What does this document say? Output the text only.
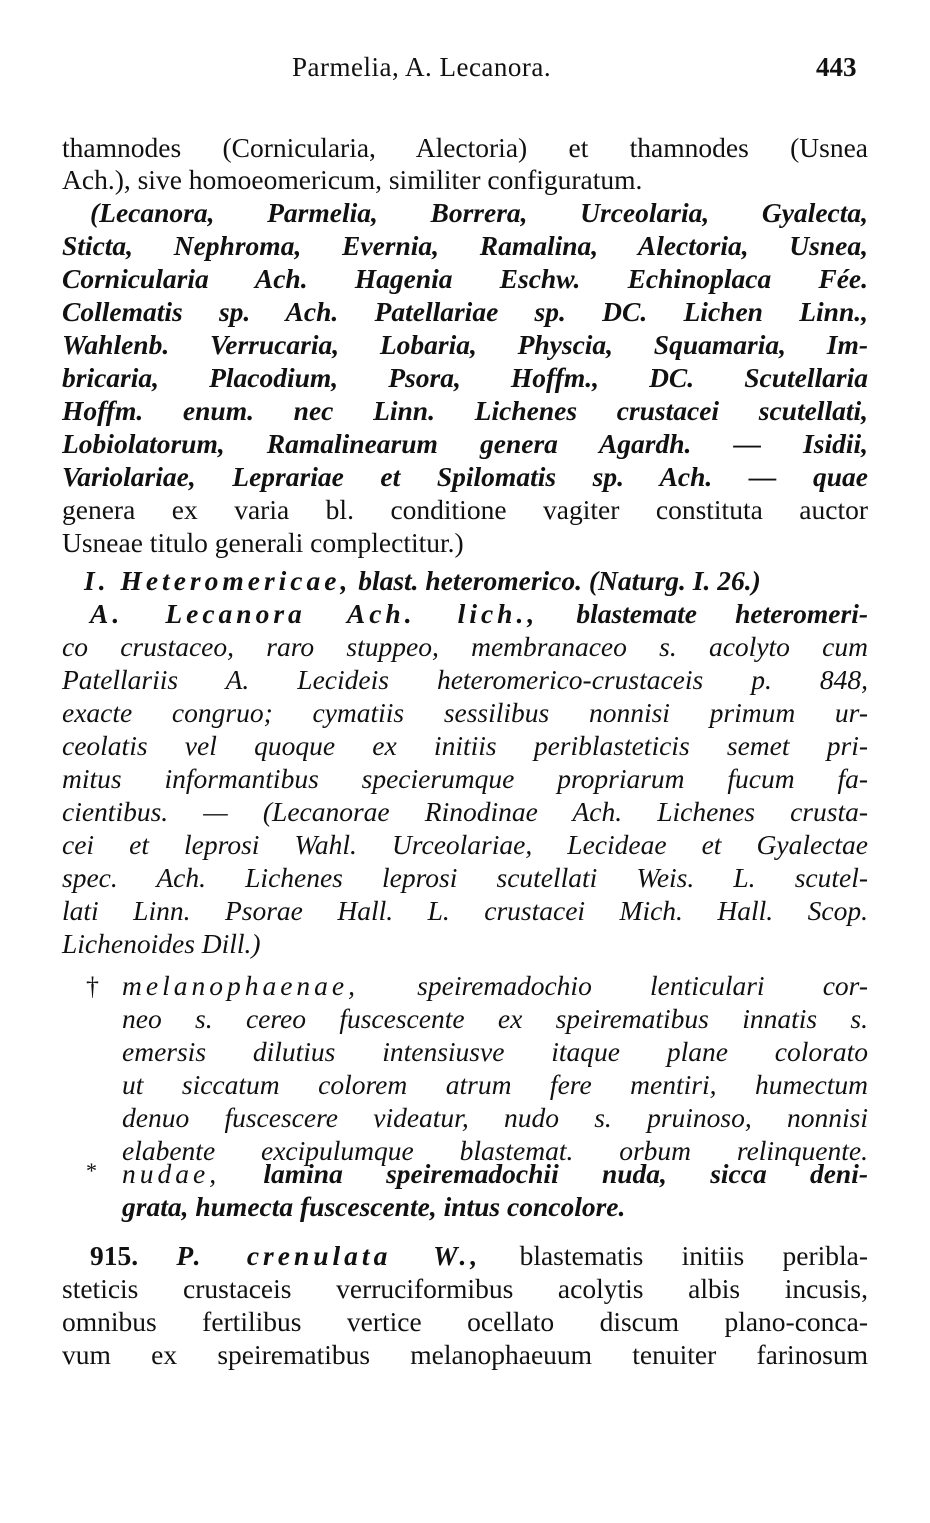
Parmelia, A. Lecanora.	443
thamnodes (Cornicularia, Alectoria) et thamnodes (Usnea
Ach.), sive homoeomericum, similiter configuratum.
(Lecanora, Parmelia, Borrera, Urceolaria, Gyalecta,
Sticta, Nephroma, Evernia, Ramalina, Alectoria, Usnea,
Cornicularia Ach. Hagenia Eschw. Echinoplaca Fée.
Collematis sp. Ach. Patellariae sp. DC. Lichen Linn.,
Wahlenb. Verrucaria, Lobaria, Physcia, Squamaria, Im-
bricaria, Placodium, Psora, Hoffm., DC. Scutellaria
Hoffm. enum. nec Linn. Lichenes crustacei scutellati,
Lobiolatorum, Ramalinearum genera Agardh. — Isidii,
Variolariae, Leprariae et Spilomatis sp. Ach. — quae
genera ex varia bl. conditione vagiter constituta auctor
Usneae titulo generali complectitur.)
I. Heteromericae, blast. heteromerico. (Naturg. I. 26.)
A. Lecanora Ach. lich., blastemate heteromeri-
co crustaceo, raro stuppeo, membranaceo s. acolyto cum
Patellariis A. Lecideis heteromerico-crustaceis p. 848,
exacte congruo; cymatiis sessilibus nonnisi primum ur-
ceolatis vel quoque ex initiis periblasteticis semet pri-
mitus informantibus specierumque propriarum fucum fa-
cientibus. — (Lecanorae Rinodinae Ach. Lichenes crusta-
cei et leprosi Wahl. Urceolariae, Lecideae et Gyalectae
spec. Ach. Lichenes leprosi scutellati Weis. L. scutel-
lati Linn. Psorae Hall. L. crustacei Mich. Hall. Scop.
Lichenoides Dill.)
† melanophaenae, speiremadochio lenticulari cor-
neo s. cereo fuscescente ex speirematibus innatis s.
emersis dilutius intensiusve itaque plane colorato
ut siccatum colorem atrum fere mentiri, humectum
denuo fuscescere videatur, nudo s. pruinoso, nonnisi
elabente excipulumque blastemat. orbum relinquente.
* nudae, lamina speiremadochii nuda, sicca deni-
grata, humecta fuscescente, intus concolore.
915. P. crenulata W., blastematis initiis peribla-
steticis crustaceis verruciformibus acolytis albis incusis,
omnibus fertilibus vertice ocellato discum plano-conca-
vum ex speirematibus melanophaeuum tenuiter farinosum
